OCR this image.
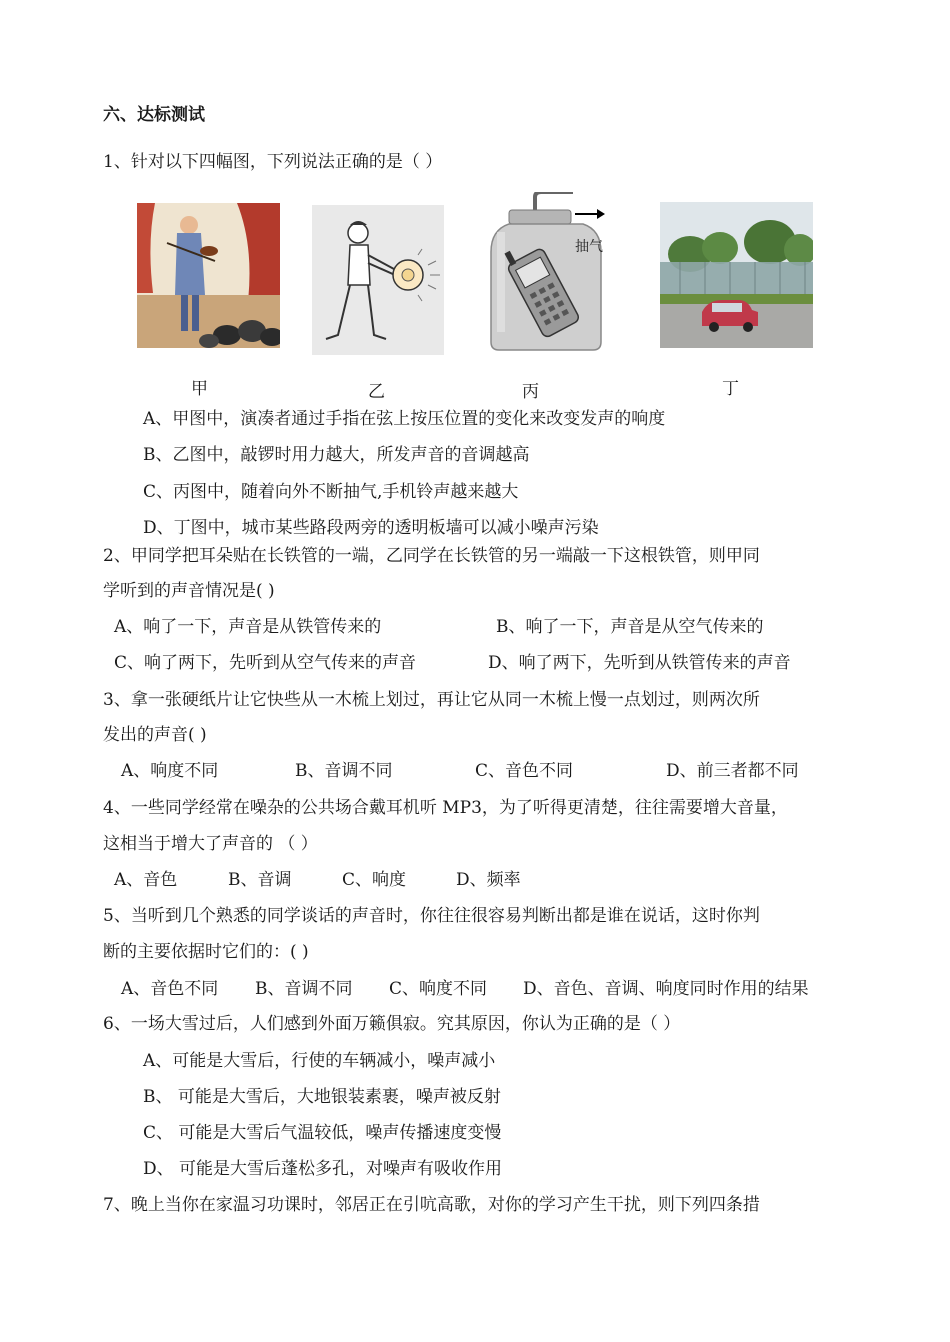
六、达标测试
1、针对以下四幅图，下列说法正确的是（ ）
抽气
甲	乙	丙	丁
A、甲图中，演凑者通过手指在弦上按压位置的变化来改变发声的响度
B、乙图中，敲锣时用力越大，所发声音的音调越高
C、丙图中，随着向外不断抽气,手机铃声越来越大
D、丁图中，城市某些路段两旁的透明板墙可以减小噪声污染
2、甲同学把耳朵贴在长铁管的一端，乙同学在长铁管的另一端敲一下这根铁管，则甲同
学听到的声音情况是( )
A、响了一下，声音是从铁管传来的	B、响了一下，声音是从空气传来的
C、响了两下，先听到从空气传来的声音	D、响了两下，先听到从铁管传来的声音
3、拿一张硬纸片让它快些从一木梳上划过，再让它从同一木梳上慢一点划过，则两次所
发出的声音( )
A、响度不同	B、音调不同	C、音色不同	D、前三者都不同
4、一些同学经常在噪杂的公共场合戴耳机听 MP3，为了听得更清楚，往往需要增大音量，
这相当于增大了声音的 （ ）
A、音色	B、音调	C、响度	D、频率
5、当听到几个熟悉的同学谈话的声音时，你往往很容易判断出都是谁在说话，这时你判
断的主要依据时它们的：( )
A、音色不同 B、音调不同 C、响度不同 D、音色、音调、响度同时作用的结果
6、一场大雪过后，人们感到外面万籁俱寂。究其原因，你认为正确的是（ ）
A、可能是大雪后，行使的车辆减小，噪声减小
B、 可能是大雪后，大地银装素裹，噪声被反射
C、 可能是大雪后气温较低，噪声传播速度变慢
D、 可能是大雪后蓬松多孔，对噪声有吸收作用
7、晚上当你在家温习功课时，邻居正在引吭高歌，对你的学习产生干扰，则下列四条措
